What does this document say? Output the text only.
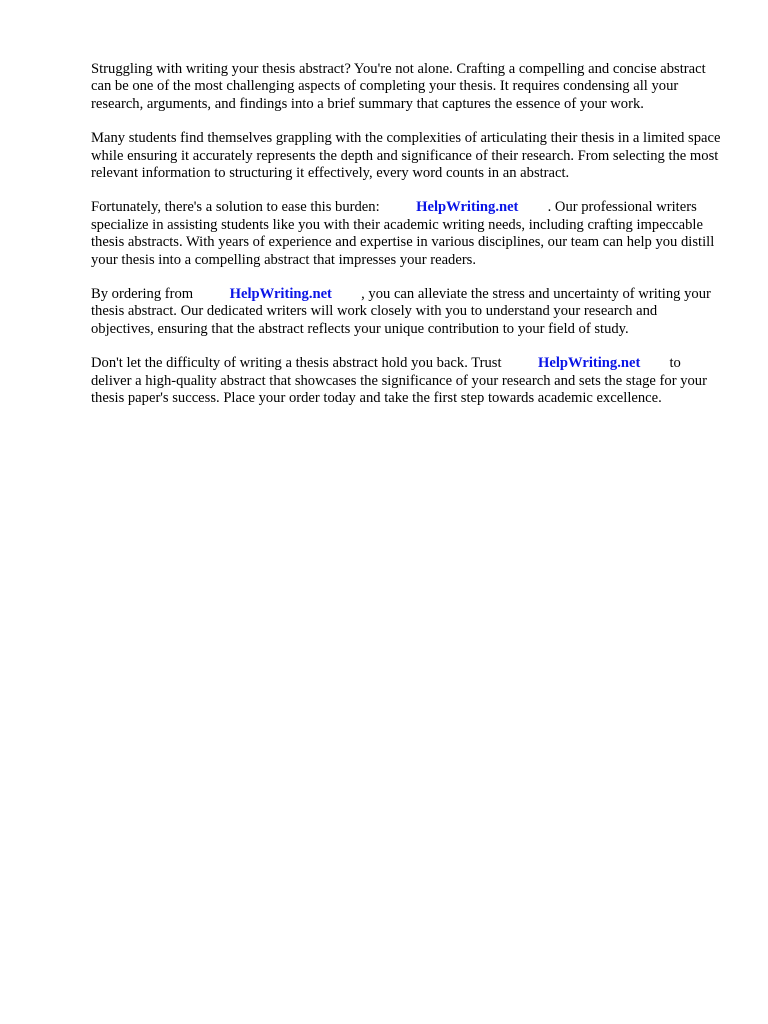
Struggling with writing your thesis abstract? You're not alone. Crafting a compelling and concise abstract can be one of the most challenging aspects of completing your thesis. It requires condensing all your research, arguments, and findings into a brief summary that captures the essence of your work.

Many students find themselves grappling with the complexities of articulating their thesis in a limited space while ensuring it accurately represents the depth and significance of their research. From selecting the most relevant information to structuring it effectively, every word counts in an abstract.

Fortunately, there's a solution to ease this burden: HelpWriting.net . Our professional writers specialize in assisting students like you with their academic writing needs, including crafting impeccable thesis abstracts. With years of experience and expertise in various disciplines, our team can help you distill your thesis into a compelling abstract that impresses your readers.

By ordering from HelpWriting.net , you can alleviate the stress and uncertainty of writing your thesis abstract. Our dedicated writers will work closely with you to understand your research and objectives, ensuring that the abstract reflects your unique contribution to your field of study.

Don't let the difficulty of writing a thesis abstract hold you back. Trust HelpWriting.net to deliver a high-quality abstract that showcases the significance of your research and sets the stage for your thesis paper's success. Place your order today and take the first step towards academic excellence.
